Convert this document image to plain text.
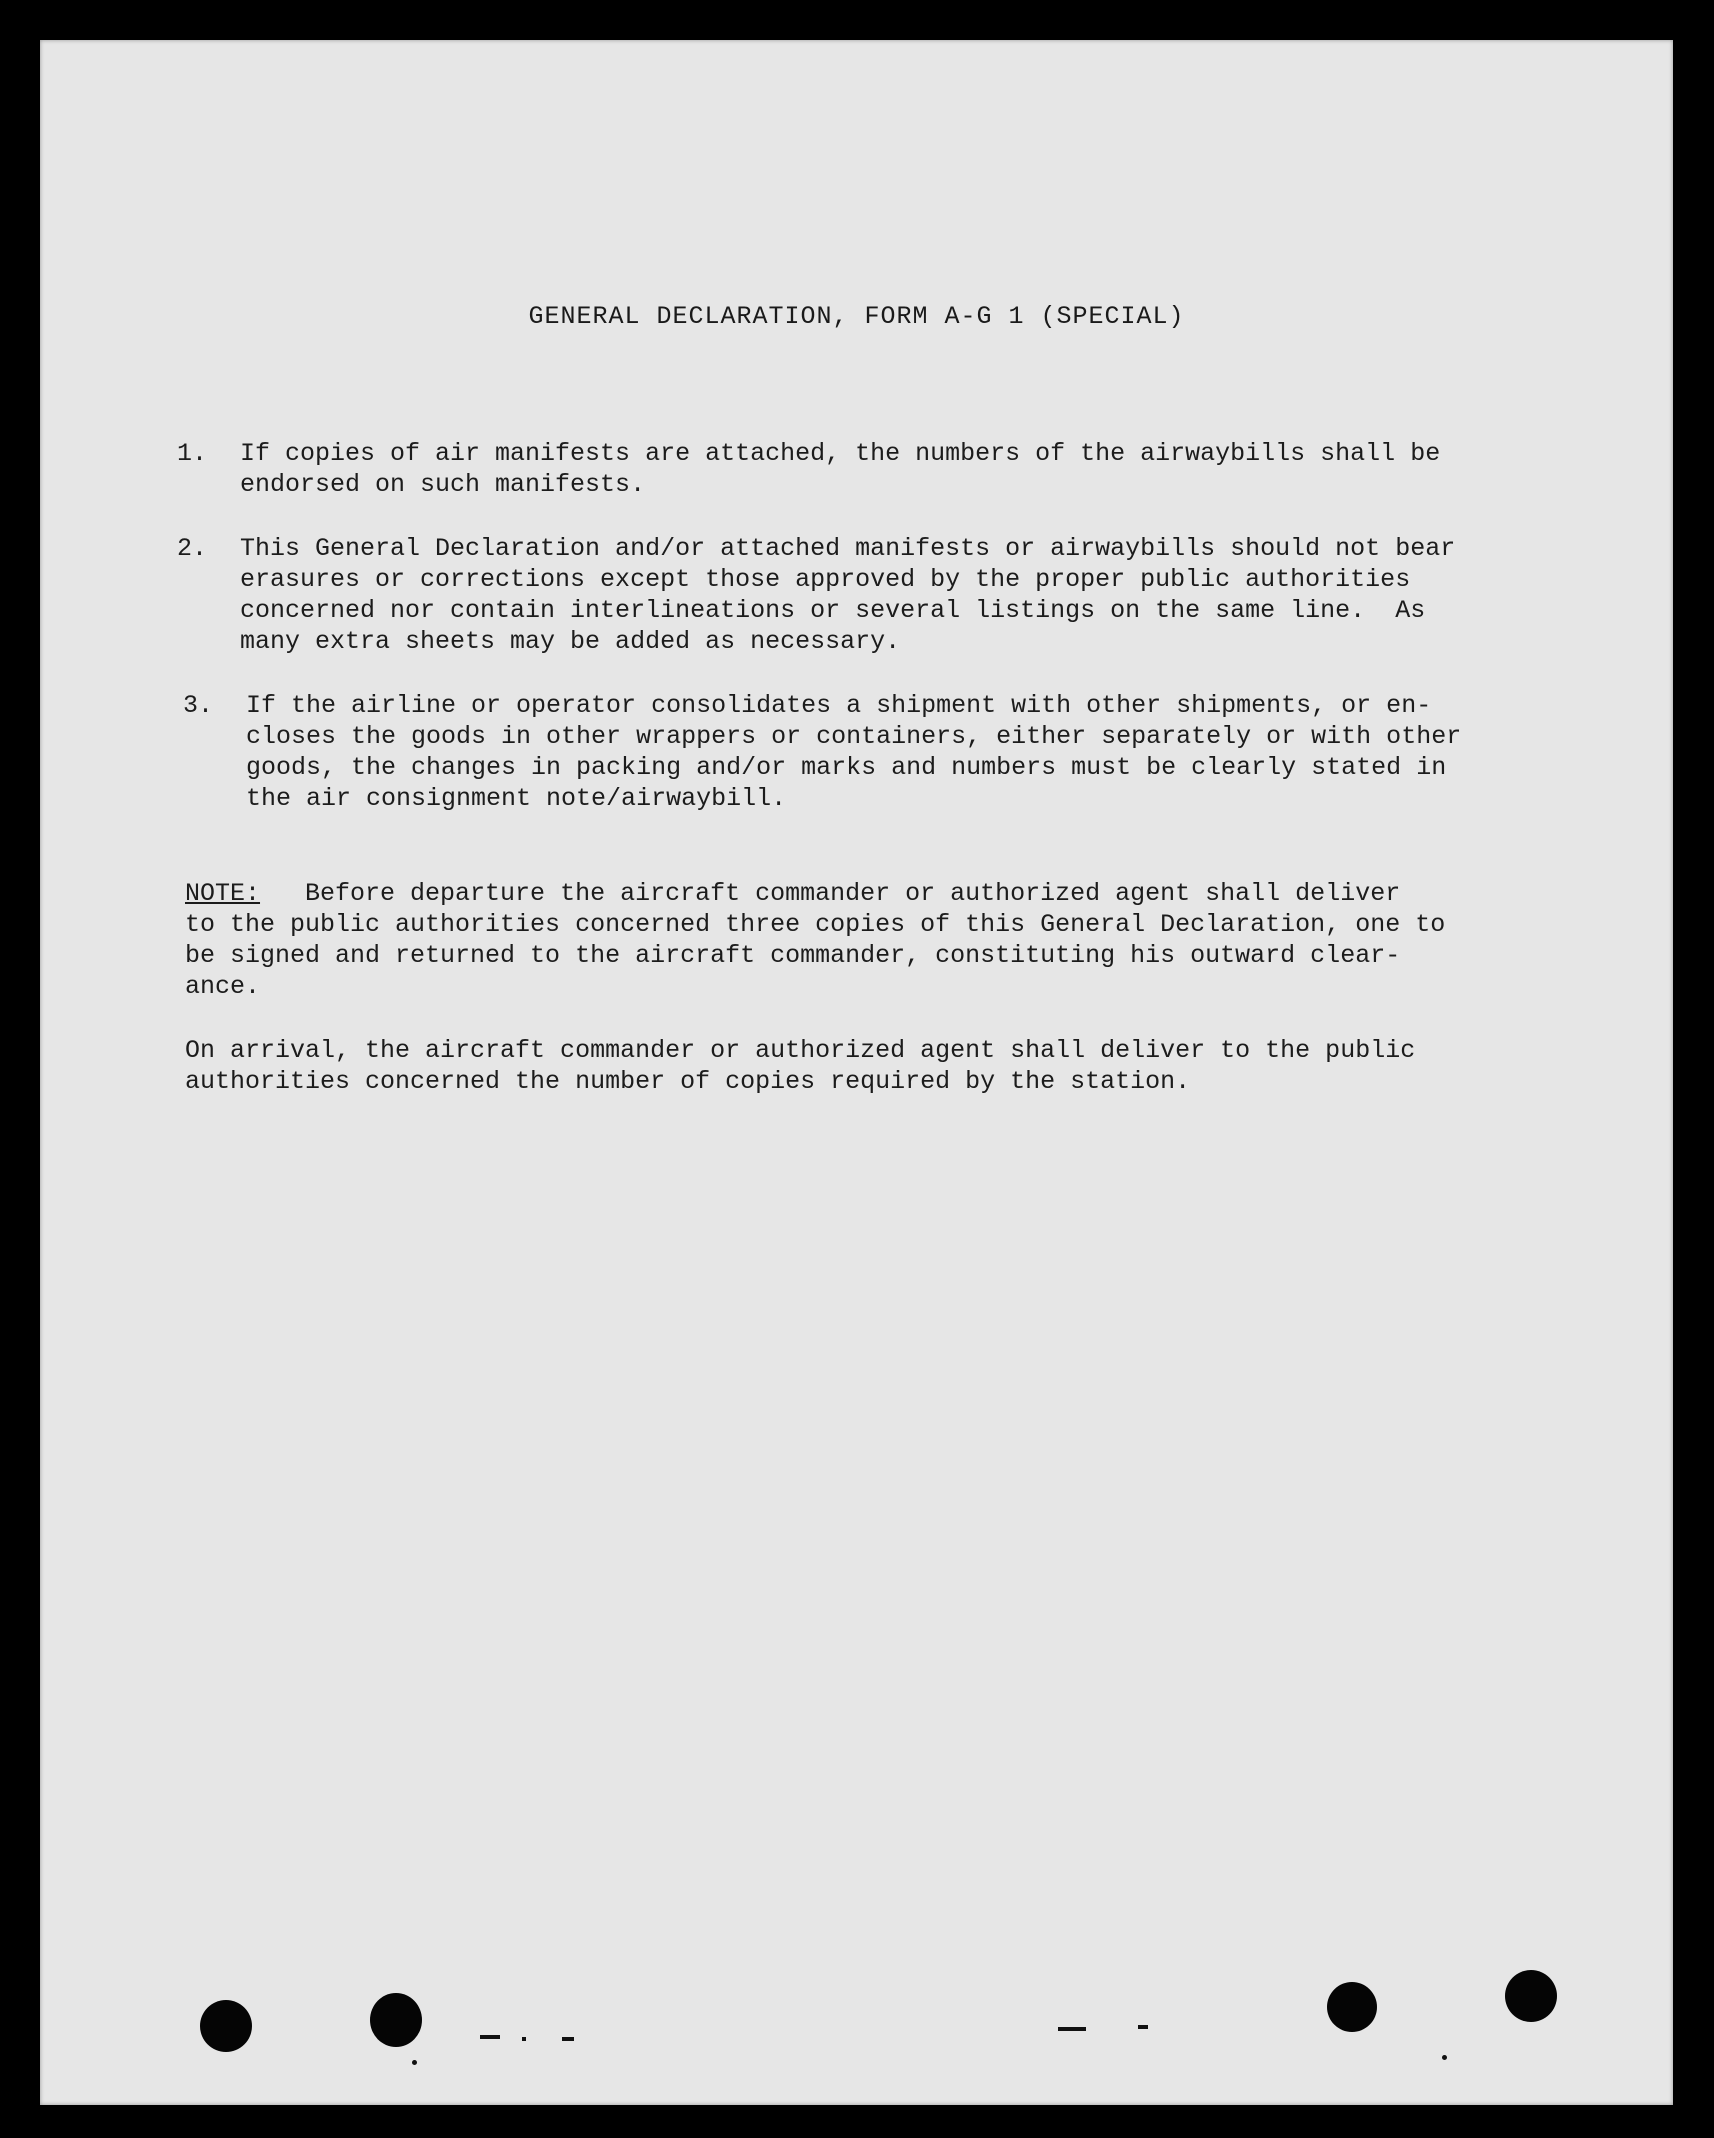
GENERAL DECLARATION, FORM A-G 1 (SPECIAL)
1. If copies of air manifests are attached, the numbers of the airwaybills shall be
endorsed on such manifests.
2. This General Declaration and/or attached manifests or airwaybills should not bear
erasures or corrections except those approved by the proper public authorities
concerned nor contain interlineations or several listings on the same line.  As
many extra sheets may be added as necessary.
3. If the airline or operator consolidates a shipment with other shipments, or en-
closes the goods in other wrappers or containers, either separately or with other
goods, the changes in packing and/or marks and numbers must be clearly stated in
the air consignment note/airwaybill.
NOTE:   Before departure the aircraft commander or authorized agent shall deliver
to the public authorities concerned three copies of this General Declaration, one to
be signed and returned to the aircraft commander, constituting his outward clear-
ance.
On arrival, the aircraft commander or authorized agent shall deliver to the public
authorities concerned the number of copies required by the station.
